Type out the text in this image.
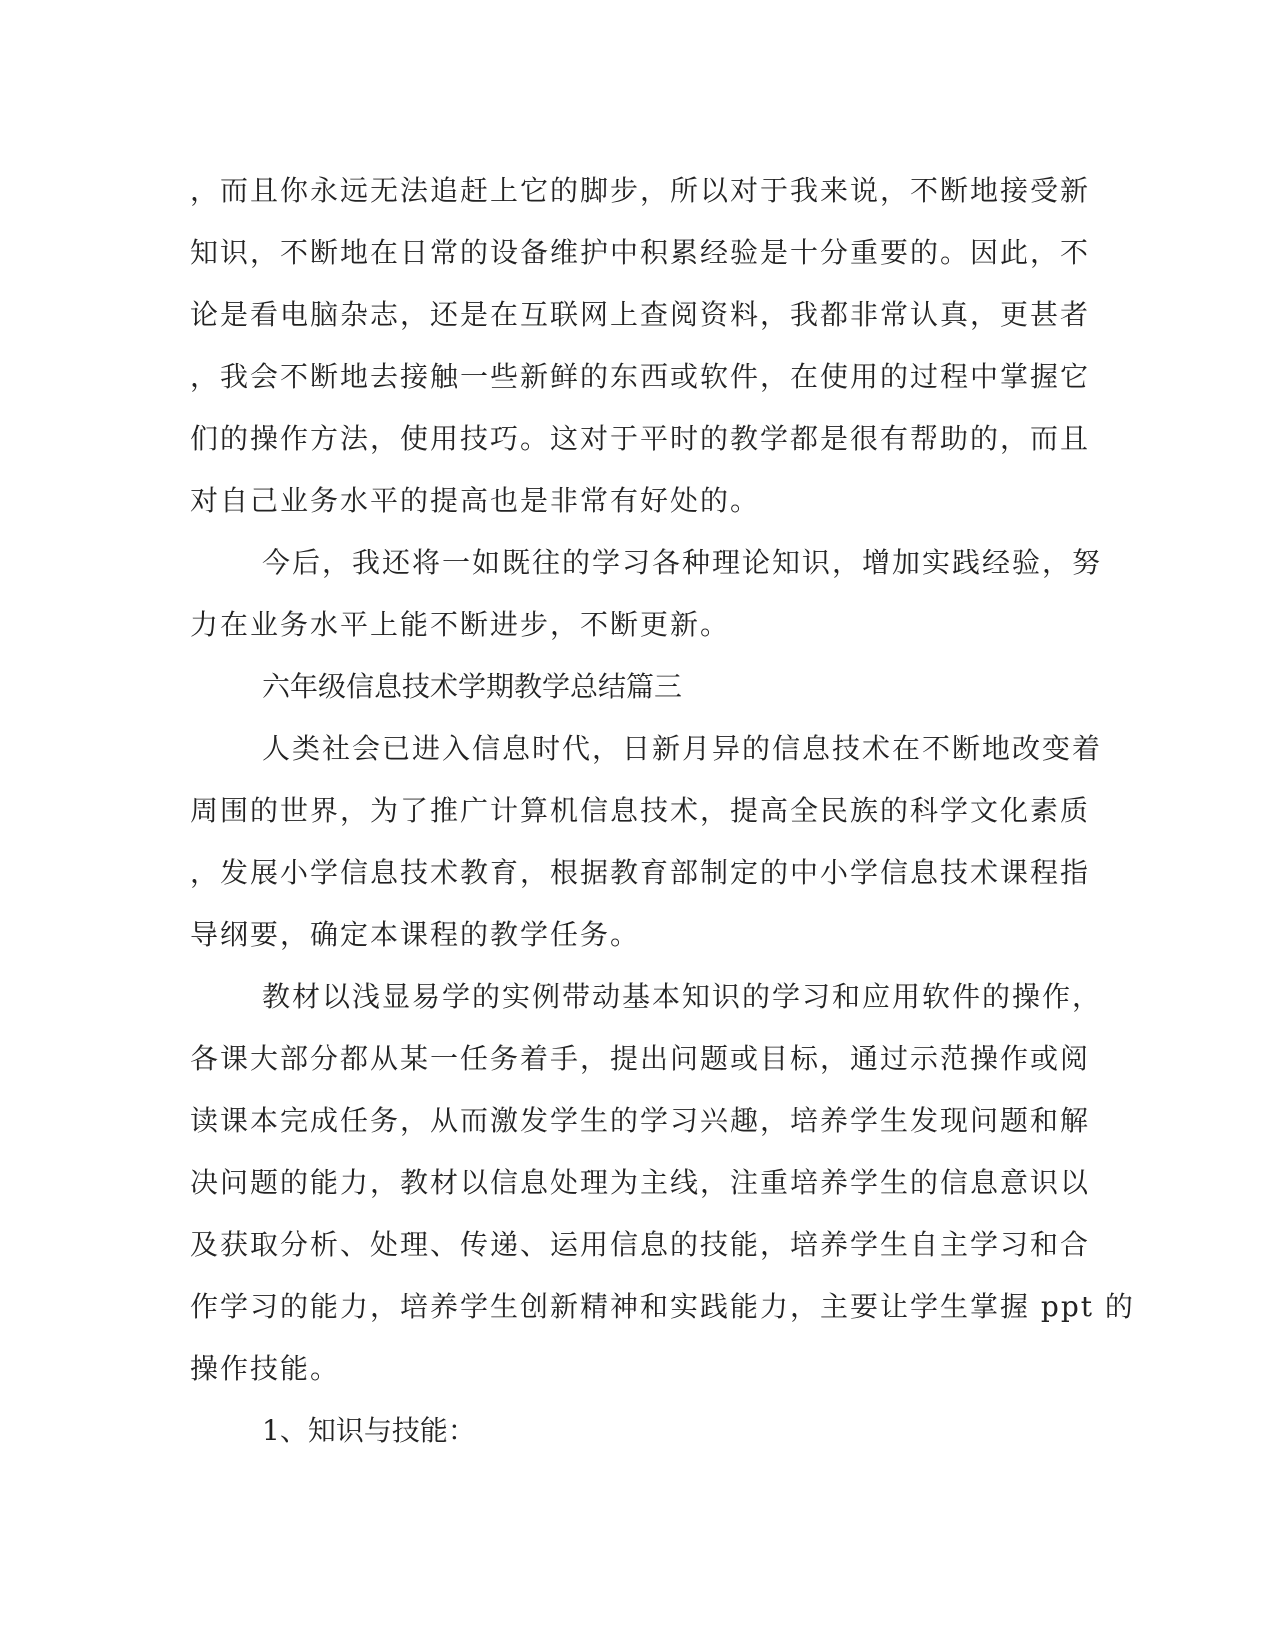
，而且你永远无法追赶上它的脚步，所以对于我来说，不断地接受新
知识，不断地在日常的设备维护中积累经验是十分重要的。因此，不
论是看电脑杂志，还是在互联网上查阅资料，我都非常认真，更甚者
，我会不断地去接触一些新鲜的东西或软件，在使用的过程中掌握它
们的操作方法，使用技巧。这对于平时的教学都是很有帮助的，而且
对自己业务水平的提高也是非常有好处的。
今后，我还将一如既往的学习各种理论知识，增加实践经验，努
力在业务水平上能不断进步，不断更新。
六年级信息技术学期教学总结篇三
人类社会已进入信息时代，日新月异的信息技术在不断地改变着
周围的世界，为了推广计算机信息技术，提高全民族的科学文化素质
，发展小学信息技术教育，根据教育部制定的中小学信息技术课程指
导纲要，确定本课程的教学任务。
教材以浅显易学的实例带动基本知识的学习和应用软件的操作，
各课大部分都从某一任务着手，提出问题或目标，通过示范操作或阅
读课本完成任务，从而激发学生的学习兴趣，培养学生发现问题和解
决问题的能力，教材以信息处理为主线，注重培养学生的信息意识以
及获取分析、处理、传递、运用信息的技能，培养学生自主学习和合
作学习的能力，培养学生创新精神和实践能力，主要让学生掌握 ppt 的
操作技能。
1、知识与技能：
